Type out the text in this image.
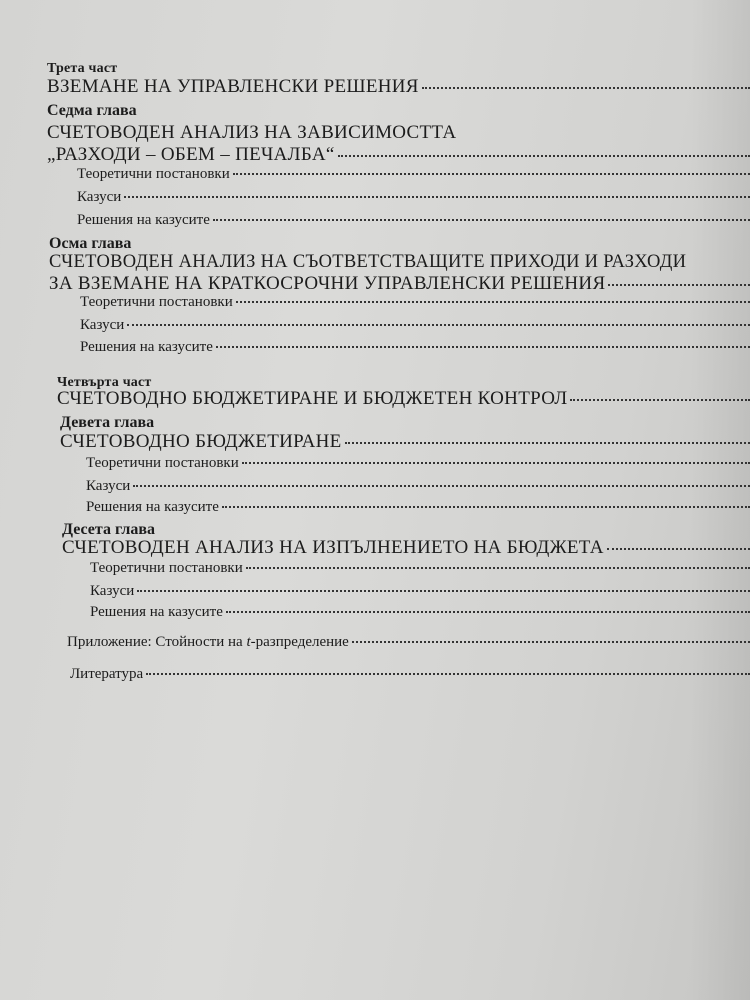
Трета част
ВЗЕМАНЕ НА УПРАВЛЕНСКИ РЕШЕНИЯ
Седма глава
СЧЕТОВОДЕН АНАЛИЗ НА ЗАВИСИМОСТТА
„РАЗХОДИ – ОБЕМ – ПЕЧАЛБА“
Теоретични постановки
Казуси
Решения на казусите
Осма глава
СЧЕТОВОДЕН АНАЛИЗ НА СЪОТВЕТСТВАЩИТЕ ПРИХОДИ И РАЗХОДИ
ЗА ВЗЕМАНЕ НА КРАТКОСРОЧНИ УПРАВЛЕНСКИ РЕШЕНИЯ
Теоретични постановки
Казуси
Решения на казусите
Четвърта част
СЧЕТОВОДНО БЮДЖЕТИРАНЕ И БЮДЖЕТЕН КОНТРОЛ
Девета глава
СЧЕТОВОДНО БЮДЖЕТИРАНЕ
Теоретични постановки
Казуси
Решения на казусите
Десета глава
СЧЕТОВОДЕН АНАЛИЗ НА ИЗПЪЛНЕНИЕТО НА БЮДЖЕТА
Теоретични постановки
Казуси
Решения на казусите
Приложение: Стойности на t-разпределение
Литература
